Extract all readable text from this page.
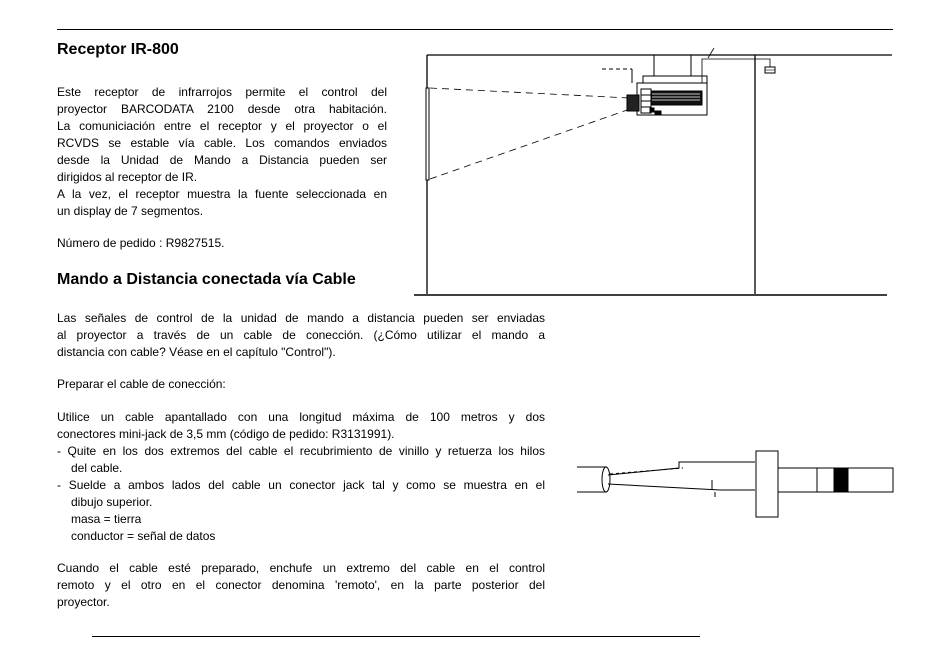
Receptor IR-800

Este receptor de infrarrojos permite el control del
proyector BARCODATA 2100 desde otra habitación.
La comuniciación entre el receptor y el proyector o el
RCVDS se estable vía cable. Los comandos enviados
desde la Unidad de Mando a Distancia pueden ser
dirigidos al receptor de IR.
A la vez, el receptor muestra la fuente seleccionada en
un display de 7 segmentos.

Número de pedido : R9827515.

Mando a Distancia conectada vía Cable

Las señales de control de la unidad de mando a distancia pueden ser enviadas
al proyector a través de un cable de conección. (¿Cómo utilizar el mando a
distancia con cable? Véase en el capítulo "Control").

Preparar el cable de conección:

Utilice un cable apantallado con una longitud máxima de 100 metros y dos
conectores mini-jack de 3,5 mm (código de pedido: R3131991).
- Quite en los dos extremos del cable el recubrimiento de vinillo y retuerza los hilos
del cable.
- Suelde a ambos lados del cable un conector jack tal y como se muestra en el
dibujo superior.
masa = tierra
conductor = señal de datos

Cuando el cable esté preparado, enchufe un extremo del cable en el control
remoto y el otro en el conector denomina 'remoto', en la parte posterior del
proyector.
